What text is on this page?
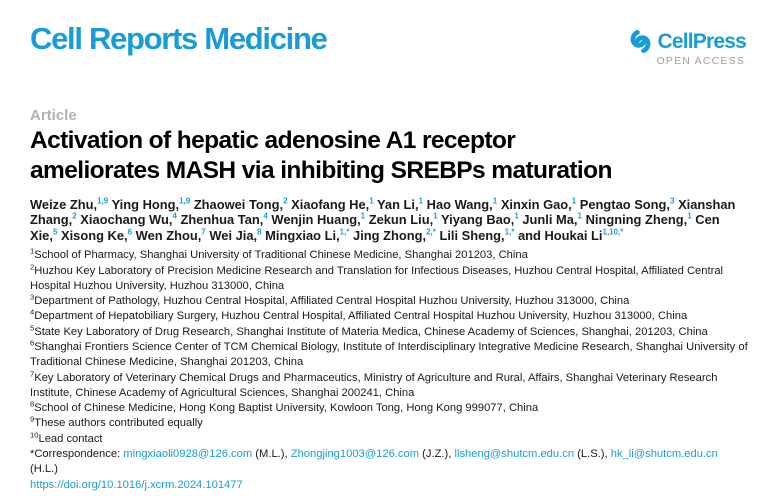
Cell Reports Medicine	CellPress
OPEN ACCESS
Article
Activation of hepatic adenosine A1 receptor
ameliorates MASH via inhibiting SREBPs maturation

Weize Zhu,$^{1,9}$ Ying Hong,$^{1,9}$ Zhaowei Tong,$^2$ Xiaofang He,$^1$ Yan Li,$^1$ Hao Wang,$^1$ Xinxin Gao,$^1$ Pengtao Song,$^3$ Xianshan Zhang,$^2$ Xiaochang Wu,$^4$ Zhenhua Tan,$^4$ Wenjin Huang,$^1$ Zekun Liu,$^1$ Yiyang Bao,$^1$ Junli Ma,$^1$ Ningning Zheng,$^1$ Cen Xie,$^5$ Xisong Ke,$^6$ Wen Zhou,$^7$ Wei Jia,$^8$ Mingxiao Li,$^{1,*}$ Jing Zhong,$^{2,*}$ Lili Sheng,$^{1,*}$ and Houkai $Li^{1,10,*}$

$^1$School of Pharmacy, Shanghai University of Traditional Chinese Medicine, Shanghai 201203, China
$^2$Huzhou Key Laboratory of Precision Medicine Research and Translation for Infectious Diseases, Huzhou Central Hospital, Affiliated Central Hospital Huzhou University, Huzhou 313000, China
$^3$Department of Pathology, Huzhou Central Hospital, Affiliated Central Hospital Huzhou University, Huzhou 313000, China
$^4$Department of Hepatobiliary Surgery, Huzhou Central Hospital, Affiliated Central Hospital Huzhou University, Huzhou 313000, China
$^5$State Key Laboratory of Drug Research, Shanghai Institute of Materia Medica, Chinese Academy of Sciences, Shanghai, 201203, China
$^6$Shanghai Frontiers Science Center of TCM Chemical Biology, Institute of Interdisciplinary Integrative Medicine Research, Shanghai University of Traditional Chinese Medicine, Shanghai 201203, China
$^7$Key Laboratory of Veterinary Chemical Drugs and Pharmaceutics, Ministry of Agriculture and Rural, Affairs, Shanghai Veterinary Research Institute, Chinese Academy of Agricultural Sciences, Shanghai 200241, China
$^8$School of Chinese Medicine, Hong Kong Baptist University, Kowloon Tong, Hong Kong 999077, China
$^9$These authors contributed equally
$^{10}$Lead contact

*Correspondence: mingxiaoli0928@126.com (M.L.), Zhongjing1003@126.com (J.Z.), llsheng@shutcm.edu.cn (L.S.), hk_li@shutcm.edu.cn (H.L.)

https://doi.org/10.1016/j.xcrm.2024.101477
